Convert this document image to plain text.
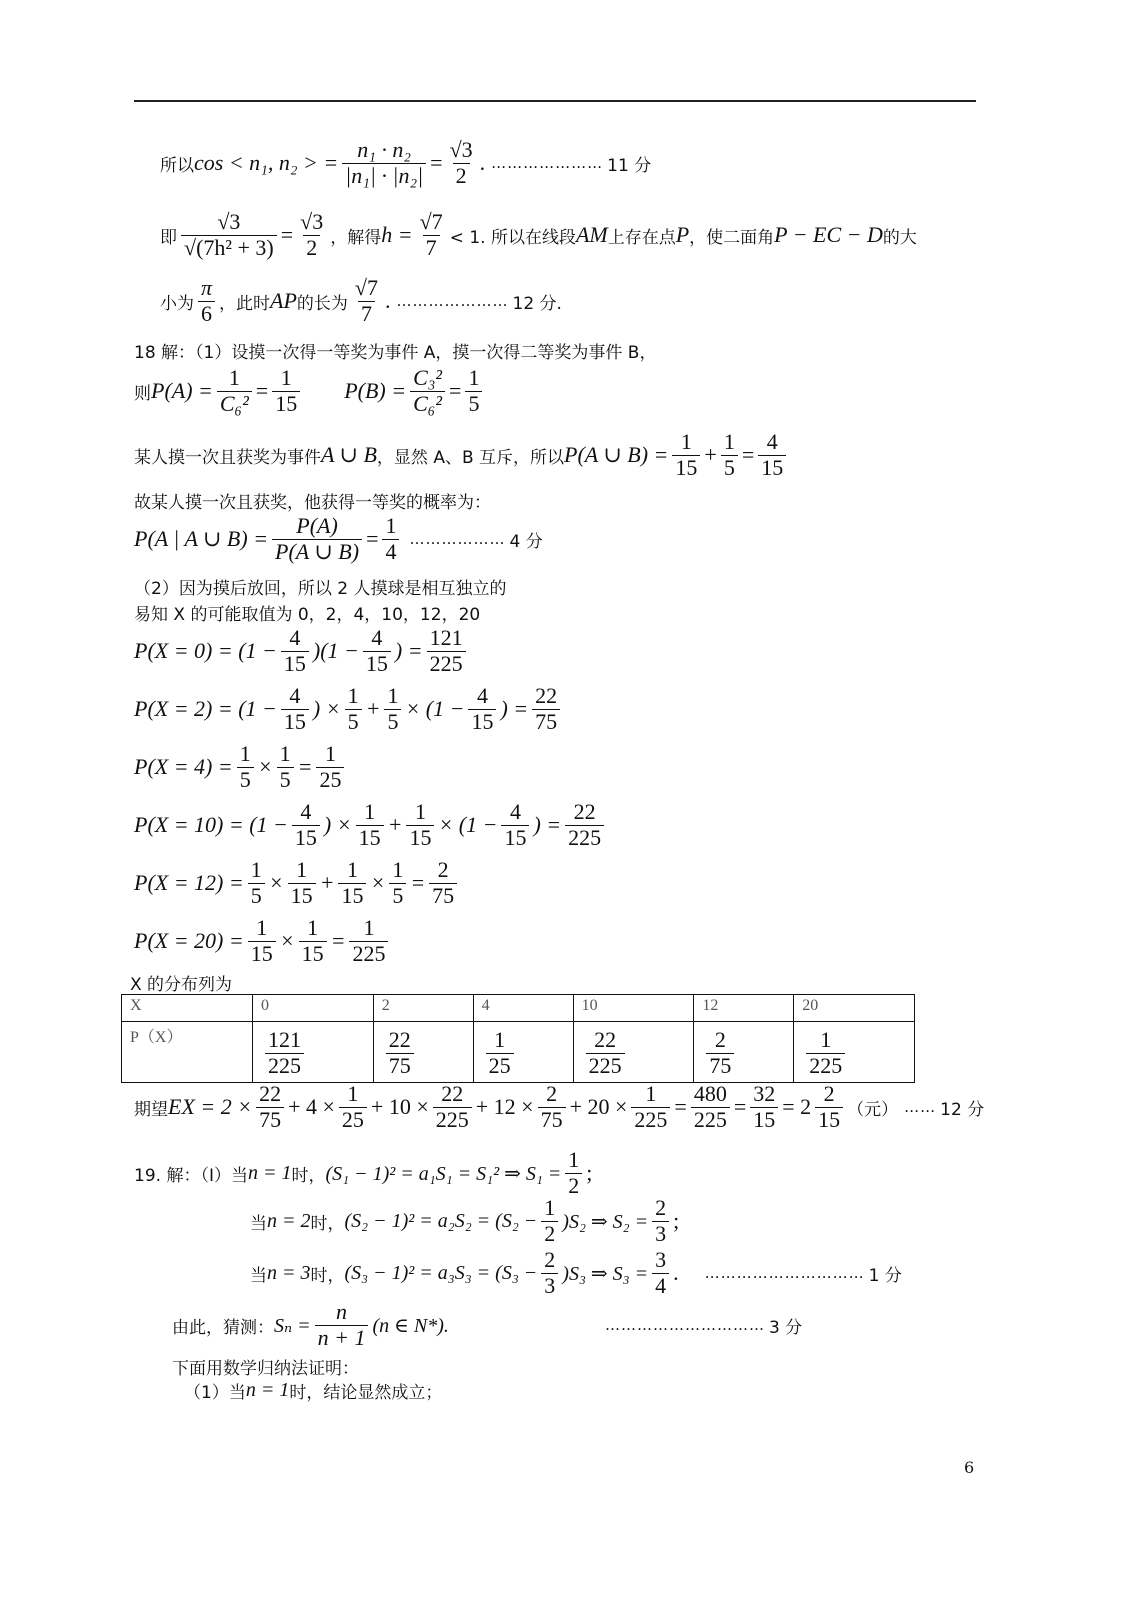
所以 cos < n₁, n₂ > = $\frac{\text{n₁ · n₂}}{\text{|n₁| · |n₂|}} = \frac{√3}{2}$ . ………………… 11 分
即 $\frac{√3}{\text{√(7h² + 3)}} = \frac{√3}{2}$ ，解得 $h = \frac{√7}{7} < 1$. 所以在线段 AM 上存在点 P ，使二面角 P − EC − D 的大
小为 $\frac{\pi}{6}$ ，此时 AP 的长为 $\frac{√7}{7}$ . ………………… 12 分.
18 解：（1）设摸一次得一等奖为事件 A，摸一次得二等奖为事件 B，
则 $P(A) = \frac{1}{\text{C₆²}} = \frac{1}{15} P(B) = \frac{\text{C₃²}}{\text{C₆²}} = \frac{1}{5}$
某人摸一次且获奖为事件 A ∪ B ，显然 A、B 互斥，所以 P(A ∪ $B) = \frac{1}{15} + \frac{1}{5} = \frac{4}{15}$
故某人摸一次且获奖，他获得一等奖的概率为：
P(A | A ∪ $B) = \frac{P(A)}{P(A \cup B)} = \frac{1}{4}$ ……………… 4 分
（2）因为摸后放回，所以 2 人摸球是相互独立的
易知 X 的可能取值为 0，2，4，10，12，20
$P(X = 0) = (1 - \frac{4}{15} )(1 - \frac{4}{15}$ ) = $\frac{121}{225}$
$P(X = 2) = (1 - \frac{4}{15}$ ) × $\frac{1}{5} + \frac{1}{5} \times (1 - \frac{4}{15}$ ) = $\frac{22}{75}$
$P(X = 4) = \frac{1}{5} \times \frac{1}{5} = \frac{1}{25}$
$P(X = 10) = (1 - \frac{4}{15}$ ) × $\frac{1}{15} + \frac{1}{15} \times (1 - \frac{4}{15}$ ) = $\frac{22}{225}$
$P(X = 12) = \frac{1}{5} \times \frac{1}{15} + \frac{1}{15} \times \frac{1}{5} = \frac{2}{75}$
$P(X = 20) = \frac{1}{15} \times \frac{1}{15} = \frac{1}{225}$
X 的分布列为
X	0	2	4	10	12	20
P（X）	$\frac{121}{225}$	$\frac{22}{75}$	$\frac{1}{25}$	$\frac{22}{225}$	$\frac{2}{75}$	$\frac{1}{225}$
期望 EX = $2 \times \frac{22}{75} + 4 \times \frac{1}{25} + 10 \times \frac{22}{225} + 12 \times \frac{2}{75} + 20 \times \frac{1}{225} = \frac{480}{225} = \frac{32}{15} = 2 \frac{2}{15}$ （元） …… 12 分
19. 解：（Ⅰ）当 n = 1 时， (S₁ − 1)² = a₁S₁ = S₁² ⇒ $S_1 = \frac{1}{2}$ ;
当 n = 2 时， $(S_2 - 1)^2 = a_2S_2 = (S_2 - \frac{1}{2} )S_2$ ⇒ $S_2 = \frac{2}{3}$ ;
当 n = 3 时， $(S_3 - 1)^2 = a_3S_3 = (S_3 - \frac{2}{3} )S_3$ ⇒ $S_3 = \frac{3}{4}$ . ………………………… 1 分
由此，猜测： $S_n = \frac{n}{n + 1} (n$ ∈ N*).	………………………… 3 分
下面用数学归纳法证明：
（1）当 n = 1 时，结论显然成立；
6
